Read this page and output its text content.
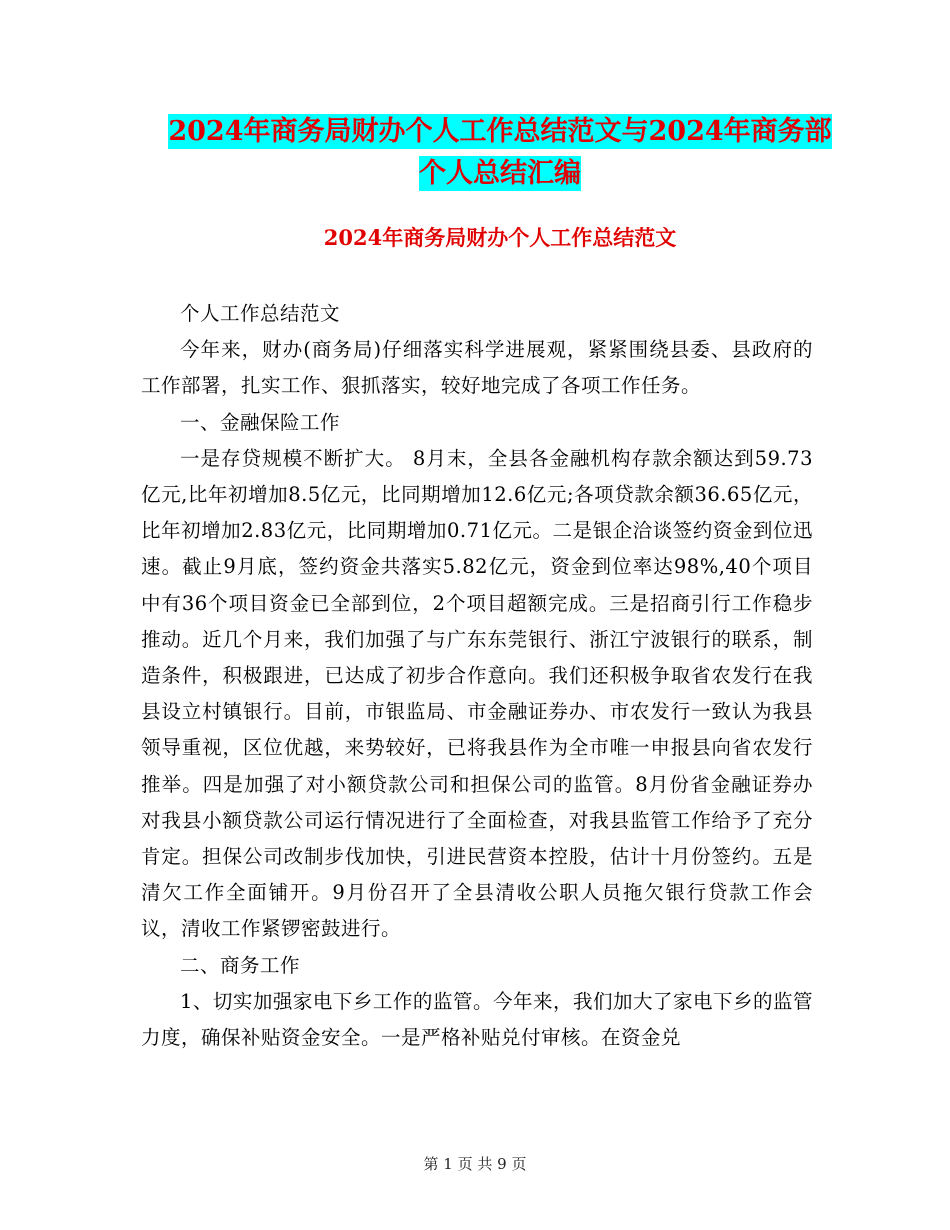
2024年商务局财办个人工作总结范文与2024年商务部
个人总结汇编
2024年商务局财办个人工作总结范文

个人工作总结范文

今年来，财办(商务局)仔细落实科学进展观，紧紧围绕县委、县政府的工作部署，扎实工作、狠抓落实，较好地完成了各项工作任务。

一、金融保险工作

一是存贷规模不断扩大。 8月末，全县各金融机构存款余额达到59.73亿元,比年初增加8.5亿元，比同期增加12.6亿元;各项贷款余额36.65亿元，比年初增加2.83亿元，比同期增加0.71亿元。二是银企洽谈签约资金到位迅速。截止9月底，签约资金共落实5.82亿元，资金到位率达98%,40个项目中有36个项目资金已全部到位，2个项目超额完成。三是招商引行工作稳步推动。近几个月来，我们加强了与广东东莞银行、浙江宁波银行的联系，制造条件，积极跟进，已达成了初步合作意向。我们还积极争取省农发行在我县设立村镇银行。目前，市银监局、市金融证券办、市农发行一致认为我县领导重视，区位优越，来势较好，已将我县作为全市唯一申报县向省农发行推举。四是加强了对小额贷款公司和担保公司的监管。8月份省金融证券办对我县小额贷款公司运行情况进行了全面检查，对我县监管工作给予了充分肯定。担保公司改制步伐加快，引进民营资本控股，估计十月份签约。五是清欠工作全面铺开。9月份召开了全县清收公职人员拖欠银行贷款工作会议，清收工作紧锣密鼓进行。

二、商务工作

1、切实加强家电下乡工作的监管。今年来，我们加大了家电下乡的监管力度，确保补贴资金安全。一是严格补贴兑付审核。在资金兑

第 1 页 共 9 页
